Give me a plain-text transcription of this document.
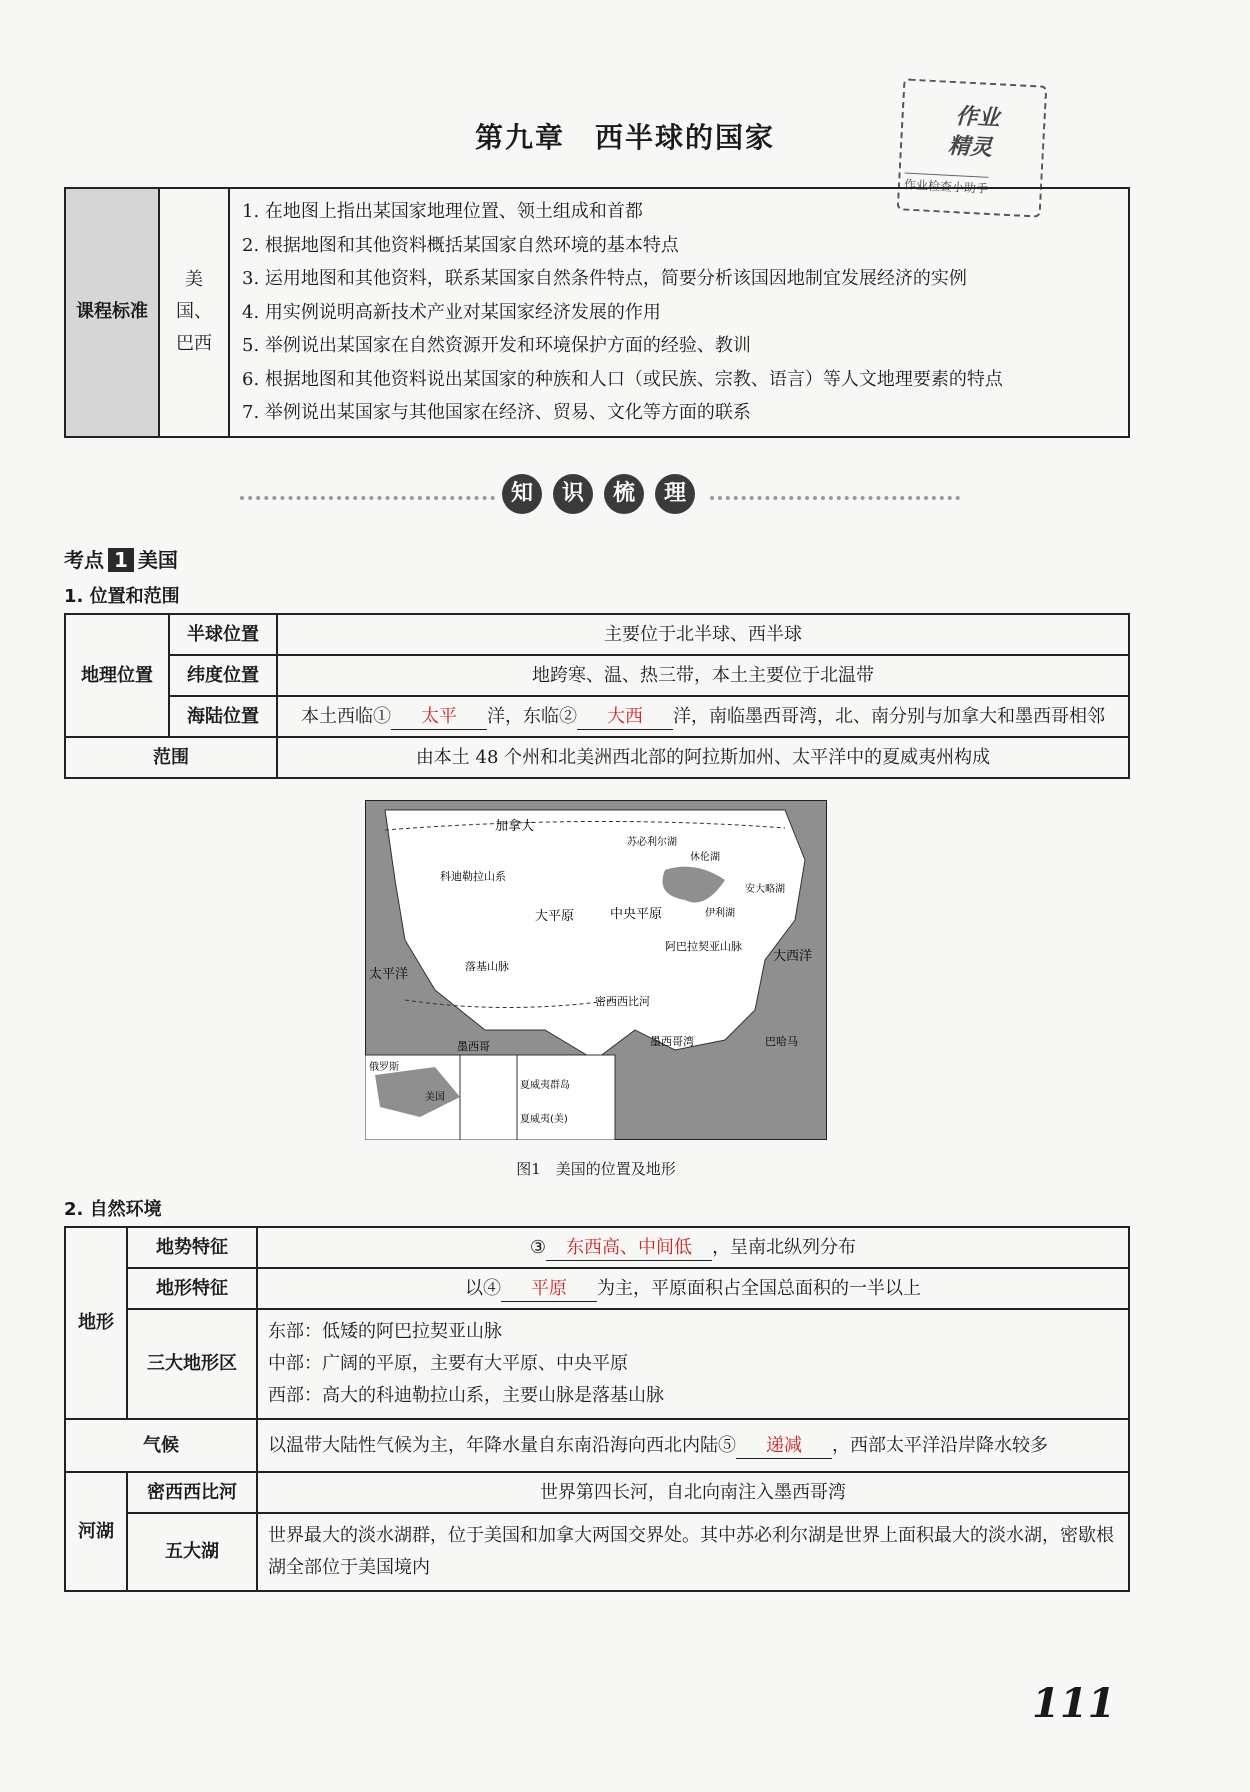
第九章　西半球的国家
作业
精灵
作业检查小助手
课程标准	美国、巴西	
1. 在地图上指出某国家地理位置、领土组成和首都
2. 根据地图和其他资料概括某国家自然环境的基本特点
3. 运用地图和其他资料，联系某国家自然条件特点，简要分析该国因地制宜发展经济的实例
4. 用实例说明高新技术产业对某国家经济发展的作用
5. 举例说出某国家在自然资源开发和环境保护方面的经验、教训
6. 根据地图和其他资料说出某国家的种族和人口（或民族、宗教、语言）等人文地理要素的特点
7. 举例说出某国家与其他国家在经济、贸易、文化等方面的联系
知	识	梳	理
考点 1 美国
1. 位置和范围
地理位置	半球位置	主要位于北半球、西半球
	纬度位置	地跨寒、温、热三带，本土主要位于北温带
	海陆位置	本土西临① 太平 洋，东临② 大西 洋，南临墨西哥湾，北、南分别与加拿大和墨西哥相邻
范围		由本土 48 个州和北美洲西北部的阿拉斯加州、太平洋中的夏威夷州构成
加拿大
苏必利尔湖
休伦湖
安大略湖
伊利湖
大平原	中央平原
太平洋
大西洋
墨西哥	巴哈马
俄罗斯
美国
夏威夷群岛
夏威夷(美)
墨西哥湾
科迪勒拉山系
落基山脉
阿巴拉契亚山脉
密西西比河
图1　美国的位置及地形
2. 自然环境
地形	地势特征	③ 东西高、中间低 ，呈南北纵列分布
	地形特征	以④ 平原 为主，平原面积占全国总面积的一半以上
	三大地形区	东部：低矮的阿巴拉契亚山脉
中部：广阔的平原，主要有大平原、中央平原
西部：高大的科迪勒拉山系，主要山脉是落基山脉

气候		以温带大陆性气候为主，年降水量自东南沿海向西北内陆⑤ 递减 ，西部太平洋沿岸降水较多
河湖	密西西比河	世界第四长河，自北向南注入墨西哥湾
	五大湖	世界最大的淡水湖群，位于美国和加拿大两国交界处。其中苏必利尔湖是世界上面积最大的淡水湖，密歇根湖全部位于美国境内
111
